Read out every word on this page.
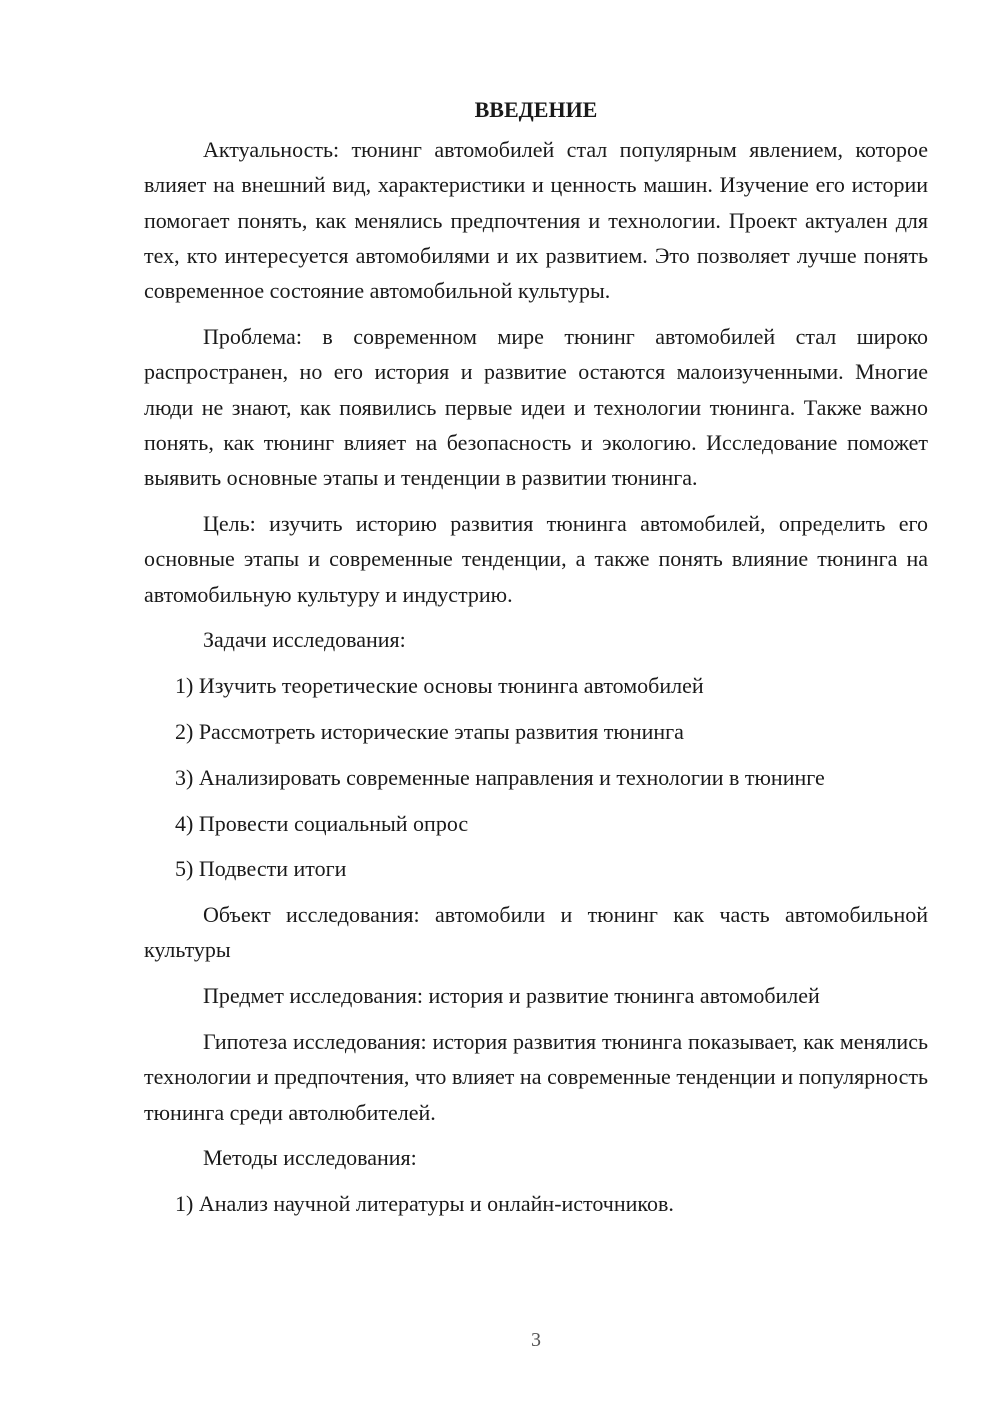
ВВЕДЕНИЕ

Актуальность: тюнинг автомобилей стал популярным явлением, которое влияет на внешний вид, характеристики и ценность машин. Изучение его истории помогает понять, как менялись предпочтения и технологии. Проект актуален для тех, кто интересуется автомобилями и их развитием. Это позволяет лучше понять современное состояние автомобильной культуры.

Проблема: в современном мире тюнинг автомобилей стал широко распространен, но его история и развитие остаются малоизученными. Многие люди не знают, как появились первые идеи и технологии тюнинга. Также важно понять, как тюнинг влияет на безопасность и экологию. Исследование поможет выявить основные этапы и тенденции в развитии тюнинга.

Цель: изучить историю развития тюнинга автомобилей, определить его основные этапы и современные тенденции, а также понять влияние тюнинга на автомобильную культуру и индустрию.

Задачи исследования:

1) Изучить теоретические основы тюнинга автомобилей
2) Рассмотреть исторические этапы развития тюнинга
3) Анализировать современные направления и технологии в тюнинге
4) Провести социальный опрос
5) Подвести итоги

Объект исследования: автомобили и тюнинг как часть автомобильной культуры

Предмет исследования: история и развитие тюнинга автомобилей

Гипотеза исследования: история развития тюнинга показывает, как менялись технологии и предпочтения, что влияет на современные тенденции и популярность тюнинга среди автолюбителей.

Методы исследования:

1) Анализ научной литературы и онлайн-источников.
3
